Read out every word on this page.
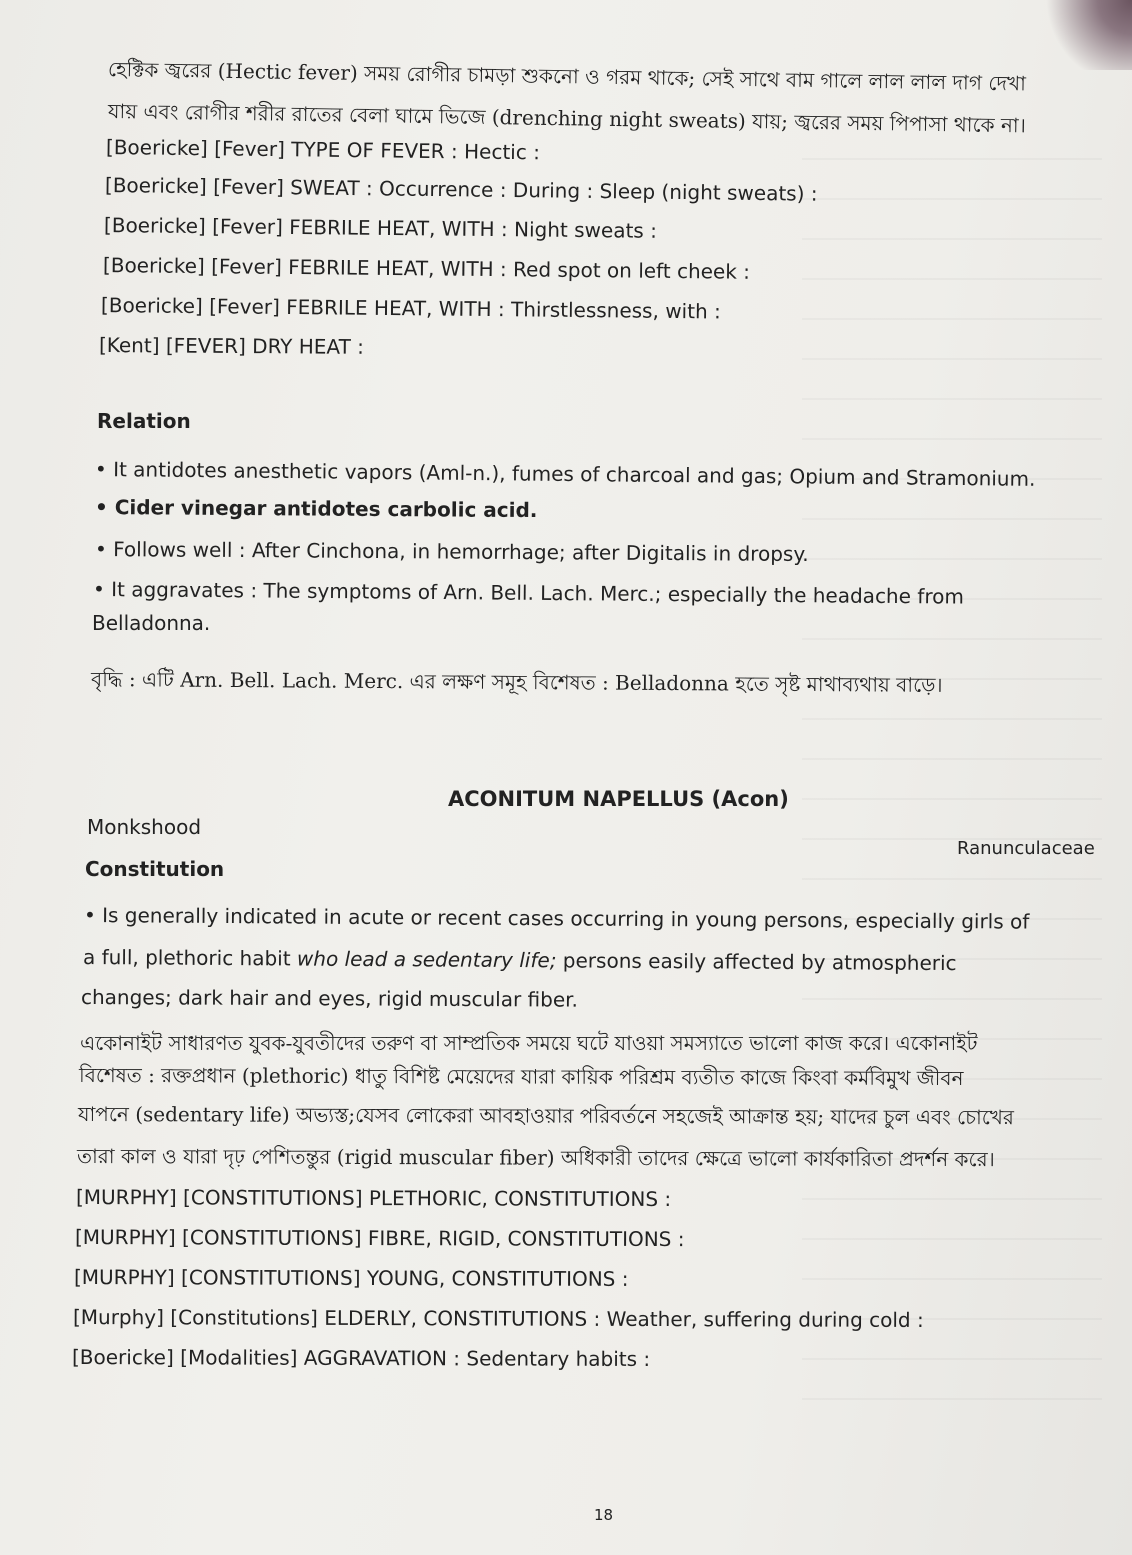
হেক্টিক জ্বরের (Hectic fever) সময় রোগীর চামড়া শুকনো ও গরম থাকে; সেই সাথে বাম গালে লাল লাল দাগ দেখা
যায় এবং রোগীর শরীর রাতের বেলা ঘামে ভিজে (drenching night sweats) যায়; জ্বরের সময় পিপাসা থাকে না।
[Boericke] [Fever] TYPE OF FEVER : Hectic :
[Boericke] [Fever] SWEAT : Occurrence : During : Sleep (night sweats) :
[Boericke] [Fever] FEBRILE HEAT, WITH : Night sweats :
[Boericke] [Fever] FEBRILE HEAT, WITH : Red spot on left cheek :
[Boericke] [Fever] FEBRILE HEAT, WITH : Thirstlessness, with :
[Kent] [FEVER] DRY HEAT :
Relation
• It antidotes anesthetic vapors (Aml-n.), fumes of charcoal and gas; Opium and Stramonium.
• Cider vinegar antidotes carbolic acid.
• Follows well : After Cinchona, in hemorrhage; after Digitalis in dropsy.
• It aggravates : The symptoms of Arn. Bell. Lach. Merc.; especially the headache from
Belladonna.
বৃদ্ধি : এটি Arn. Bell. Lach. Merc. এর লক্ষণ সমূহ বিশেষত : Belladonna হতে সৃষ্ট মাথাব্যথায় বাড়ে।
ACONITUM NAPELLUS (Acon)
Monkshood
Ranunculaceae
Constitution
• Is generally indicated in acute or recent cases occurring in young persons, especially girls of
a full, plethoric habit who lead a sedentary life; persons easily affected by atmospheric
changes; dark hair and eyes, rigid muscular fiber.
একোনাইট সাধারণত যুবক-যুবতীদের তরুণ বা সাম্প্রতিক সময়ে ঘটে যাওয়া সমস্যাতে ভালো কাজ করে। একোনাইট
বিশেষত : রক্তপ্রধান (plethoric) ধাতু বিশিষ্ট মেয়েদের যারা কায়িক পরিশ্রম ব্যতীত কাজে কিংবা কর্মবিমুখ জীবন
যাপনে (sedentary life) অভ্যস্ত;যেসব লোকেরা আবহাওয়ার পরিবর্তনে সহজেই আক্রান্ত হয়; যাদের চুল এবং চোখের
তারা কাল ও যারা দৃঢ় পেশিতন্তুর (rigid muscular fiber) অধিকারী তাদের ক্ষেত্রে ভালো কার্যকারিতা প্রদর্শন করে।
[MURPHY] [CONSTITUTIONS] PLETHORIC, CONSTITUTIONS :
[MURPHY] [CONSTITUTIONS] FIBRE, RIGID, CONSTITUTIONS :
[MURPHY] [CONSTITUTIONS] YOUNG, CONSTITUTIONS :
[Murphy] [Constitutions] ELDERLY, CONSTITUTIONS : Weather, suffering during cold :
[Boericke] [Modalities] AGGRAVATION : Sedentary habits :
18
